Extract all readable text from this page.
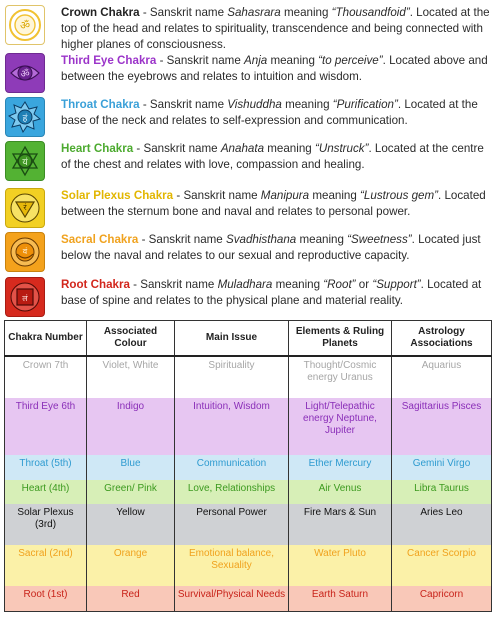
ॐ
Crown Chakra - Sanskrit name Sahasrara meaning “Thousandfoid”. Located at the top of the head and relates to spirituality, transcendence and being connected with higher planes of consciousness.
ॐ
Third Eye Chakra - Sanskrit name Anja meaning “to perceive”. Located above and between the eyebrows and relates to intuition and wisdom.
हं
Throat Chakra - Sanskrit name Vishuddha meaning “Purification”. Located at the base of the neck and relates to self-expression and communication.
यं
Heart Chakra - Sanskrit name Anahata meaning “Unstruck”. Located at the centre of the chest and relates with love, compassion and healing.
रं
Solar Plexus Chakra - Sanskrit name Manipura meaning “Lustrous gem”. Located between the sternum bone and naval and relates to personal power.
वं
Sacral Chakra - Sanskrit name Svadhisthana meaning “Sweetness”. Located just below the naval and relates to our sexual and reproductive capacity.
लं
Root Chakra - Sanskrit name Muladhara meaning “Root” or “Support”. Located at base of spine and relates to the physical plane and material reality.
Chakra Number	Associated Colour	Main Issue	Elements & Ruling Planets	Astrology Associations
Crown 7th	Violet, White	Spirituality	Thought/Cosmic energy Uranus	Aquarius
Third Eye 6th	Indigo	Intuition, Wisdom	Light/Telepathic energy Neptune, Jupiter	Sagittarius Pisces
Throat (5th)	Blue	Communication	Ether Mercury	Gemini Virgo
Heart (4th)	Green/ Pink	Love, Relationships	Air Venus	Libra Taurus
Solar Plexus (3rd)	Yellow	Personal Power	Fire Mars & Sun	Aries Leo
Sacral (2nd)	Orange	Emotional balance, Sexuality	Water Pluto	Cancer Scorpio
Root (1st)	Red	Survival/Physical Needs	Earth Saturn	Capricorn
